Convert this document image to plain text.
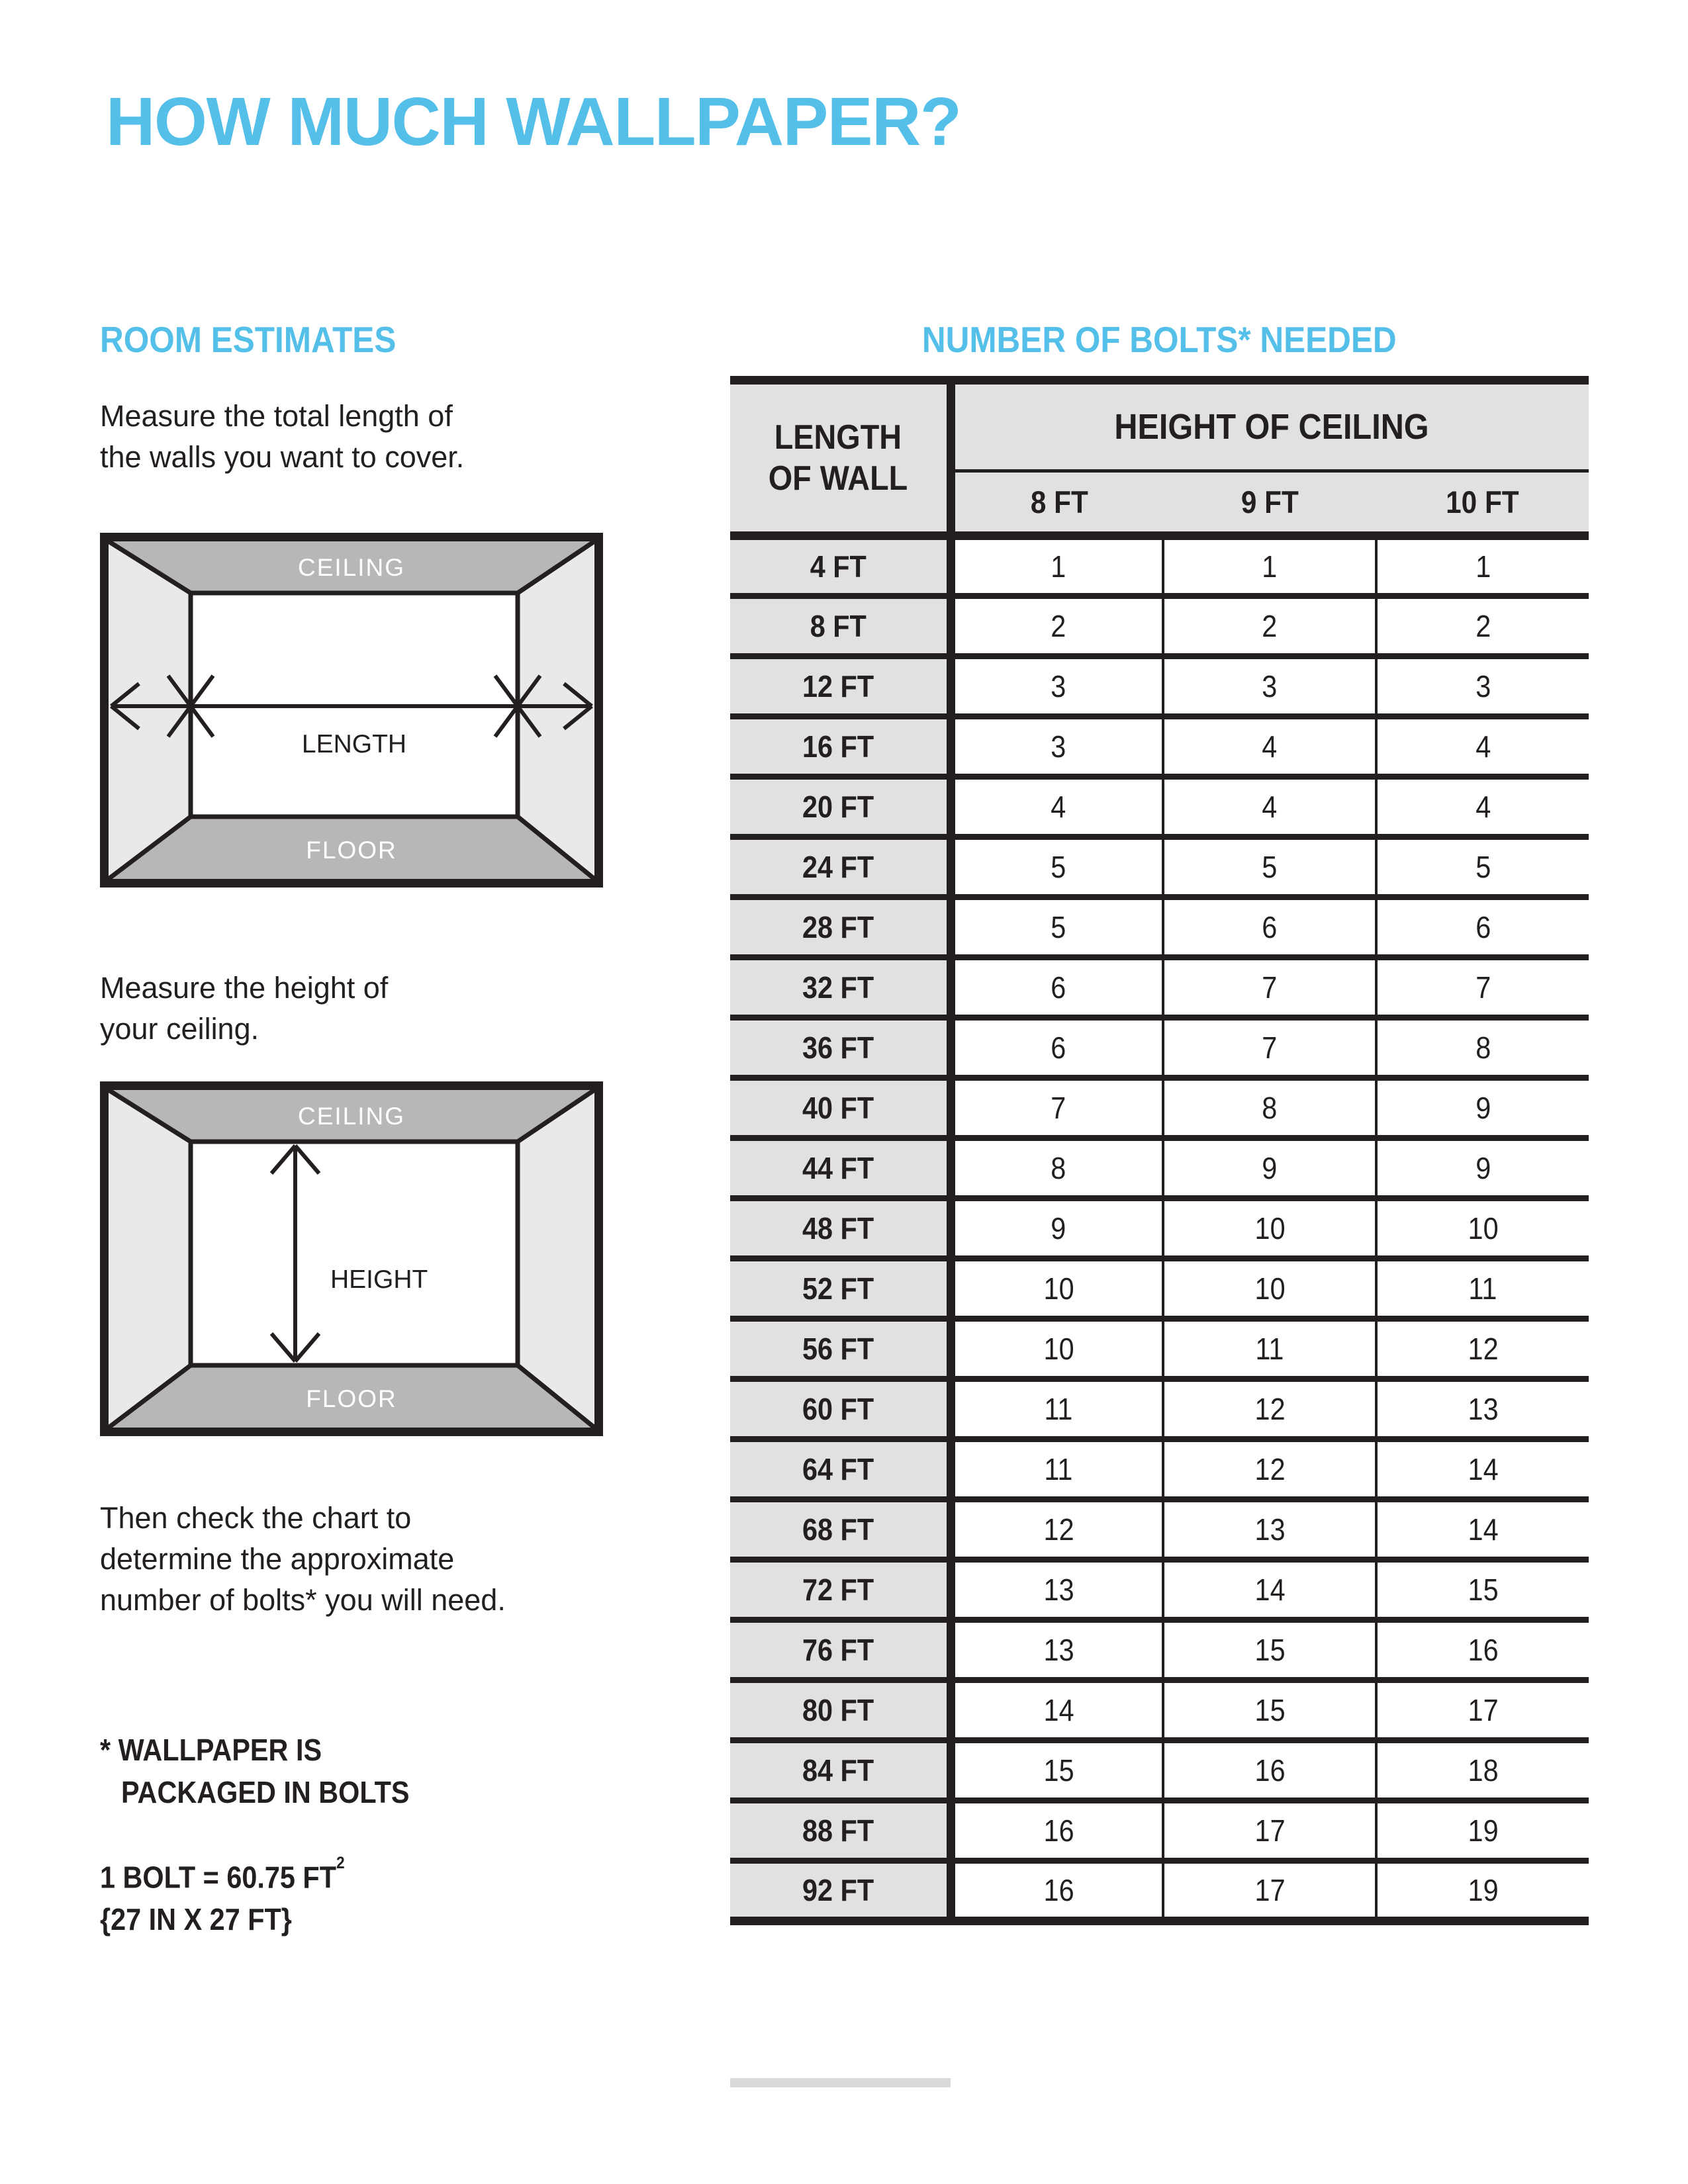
HOW MUCH WALLPAPER?
ROOM ESTIMATES	NUMBER OF BOLTS* NEEDED
Measure the total length of
the walls you want to cover.
CEILING
FLOOR
LENGTH
Measure the height of
your ceiling.
CEILING
FLOOR
HEIGHT
Then check the chart to
determine the approximate
number of bolts* you will need.
* WALLPAPER IS
PACKAGED IN BOLTS
1 BOLT = 60.75 $FT^2$
{27 IN X 27 FT}
LENGTH
OF WALL	HEIGHT OF CEILING		
	8 FT	9 FT	10 FT
4 FT	1	1	1
8 FT	2	2	2
12 FT	3	3	3
16 FT	3	4	4
20 FT	4	4	4
24 FT	5	5	5
28 FT	5	6	6
32 FT	6	7	7
36 FT	6	7	8
40 FT	7	8	9
44 FT	8	9	9
48 FT	9	10	10
52 FT	10	10	11
56 FT	10	11	12
60 FT	11	12	13
64 FT	11	12	14
68 FT	12	13	14
72 FT	13	14	15
76 FT	13	15	16
80 FT	14	15	17
84 FT	15	16	18
88 FT	16	17	19
92 FT	16	17	19
